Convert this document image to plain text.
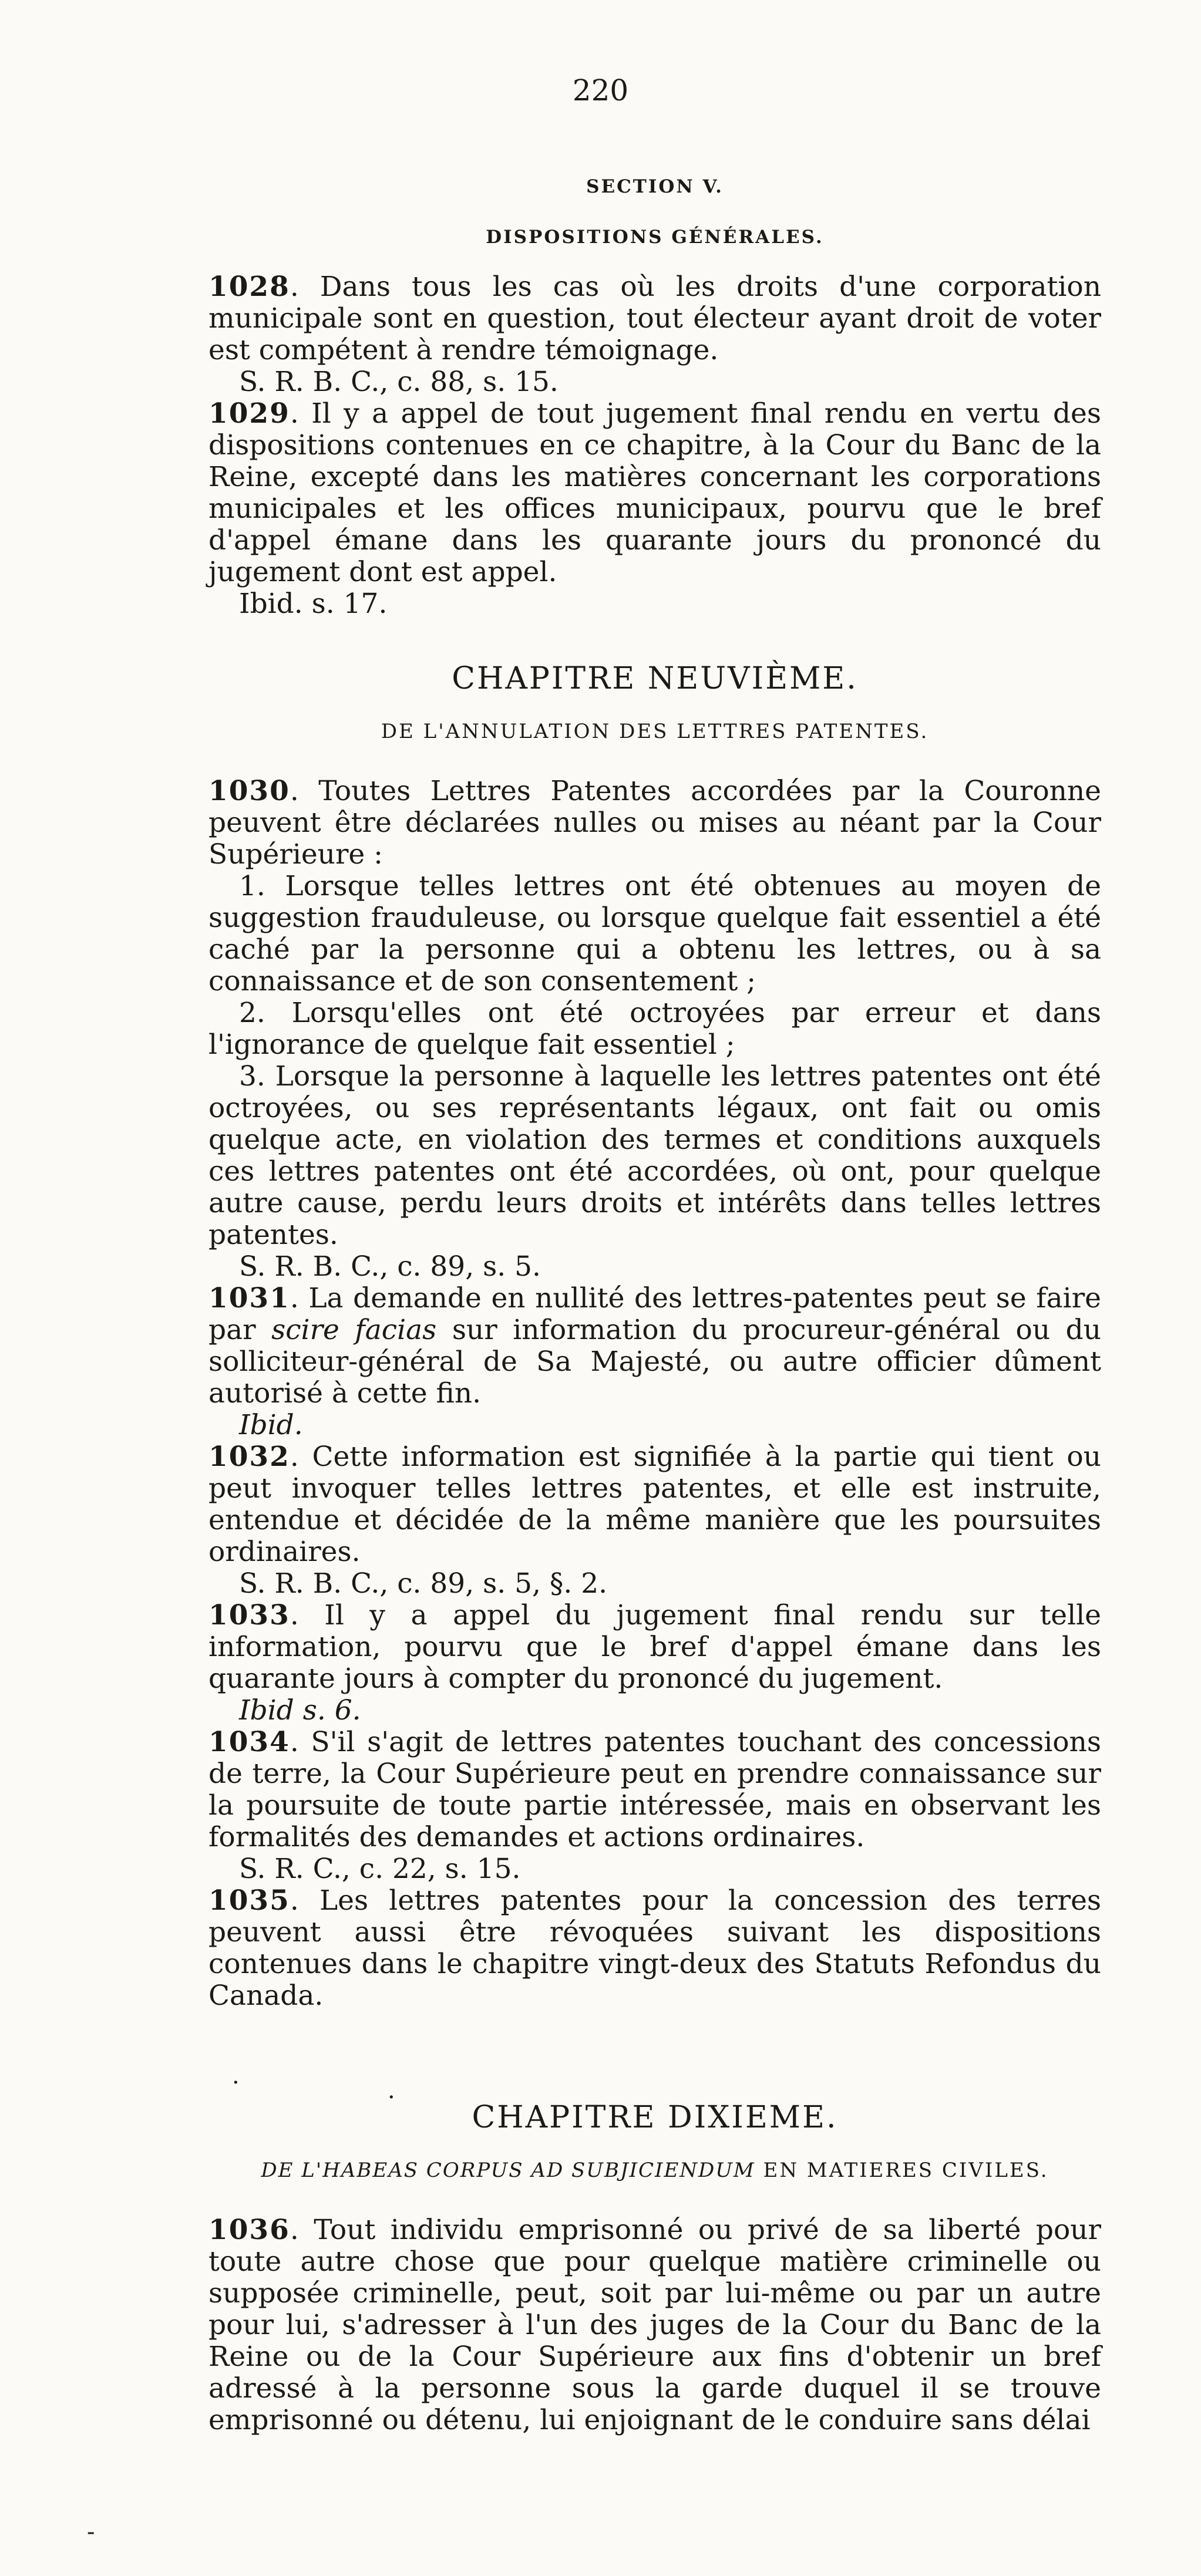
220
SECTION V.
DISPOSITIONS GÉNÉRALES.

1028. Dans tous les cas où les droits d'une corporation municipale sont en question, tout électeur ayant droit de voter est compétent à rendre témoignage.

S. R. B. C., c. 88, s. 15.

1029. Il y a appel de tout jugement final rendu en vertu des dispositions contenues en ce chapitre, à la Cour du Banc de la Reine, excepté dans les matières concernant les corporations municipales et les offices municipaux, pourvu que le bref d'appel émane dans les quarante jours du prononcé du jugement dont est appel.

Ibid. s. 17.

CHAPITRE NEUVIÈME.
DE L'ANNULATION DES LETTRES PATENTES.

1030. Toutes Lettres Patentes accordées par la Couronne peuvent être déclarées nulles ou mises au néant par la Cour Supérieure :

1. Lorsque telles lettres ont été obtenues au moyen de suggestion frauduleuse, ou lorsque quelque fait essentiel a été caché par la personne qui a obtenu les lettres, ou à sa connaissance et de son consentement ;

2. Lorsqu'elles ont été octroyées par erreur et dans l'ignorance de quelque fait essentiel ;

3. Lorsque la personne à laquelle les lettres patentes ont été octroyées, ou ses représentants légaux, ont fait ou omis quelque acte, en violation des termes et conditions auxquels ces lettres patentes ont été accordées, où ont, pour quelque autre cause, perdu leurs droits et intérêts dans telles lettres patentes.

S. R. B. C., c. 89, s. 5.

1031. La demande en nullité des lettres-patentes peut se faire par scire facias sur information du procureur-général ou du solliciteur-général de Sa Majesté, ou autre officier dûment autorisé à cette fin.

Ibid.

1032. Cette information est signifiée à la partie qui tient ou peut invoquer telles lettres patentes, et elle est instruite, entendue et décidée de la même manière que les poursuites ordinaires.

S. R. B. C., c. 89, s. 5, §. 2.

1033. Il y a appel du jugement final rendu sur telle information, pourvu que le bref d'appel émane dans les quarante jours à compter du prononcé du jugement.

Ibid s. 6.

1034. S'il s'agit de lettres patentes touchant des concessions de terre, la Cour Supérieure peut en prendre connaissance sur la poursuite de toute partie intéressée, mais en observant les formalités des demandes et actions ordinaires.

S. R. C., c. 22, s. 15.

1035. Les lettres patentes pour la concession des terres peuvent aussi être révoquées suivant les dispositions contenues dans le chapitre vingt-deux des Statuts Refondus du Canada.

CHAPITRE DIXIEME.
DE L'HABEAS CORPUS AD SUBJICIENDUM EN MATIERES CIVILES.

1036. Tout individu emprisonné ou privé de sa liberté pour toute autre chose que pour quelque matière criminelle ou supposée criminelle, peut, soit par lui-même ou par un autre pour lui, s'adresser à l'un des juges de la Cour du Banc de la Reine ou de la Cour Supérieure aux fins d'obtenir un bref adressé à la personne sous la garde duquel il se trouve emprisonné ou détenu, lui enjoignant de le conduire sans délai

·
·
-
